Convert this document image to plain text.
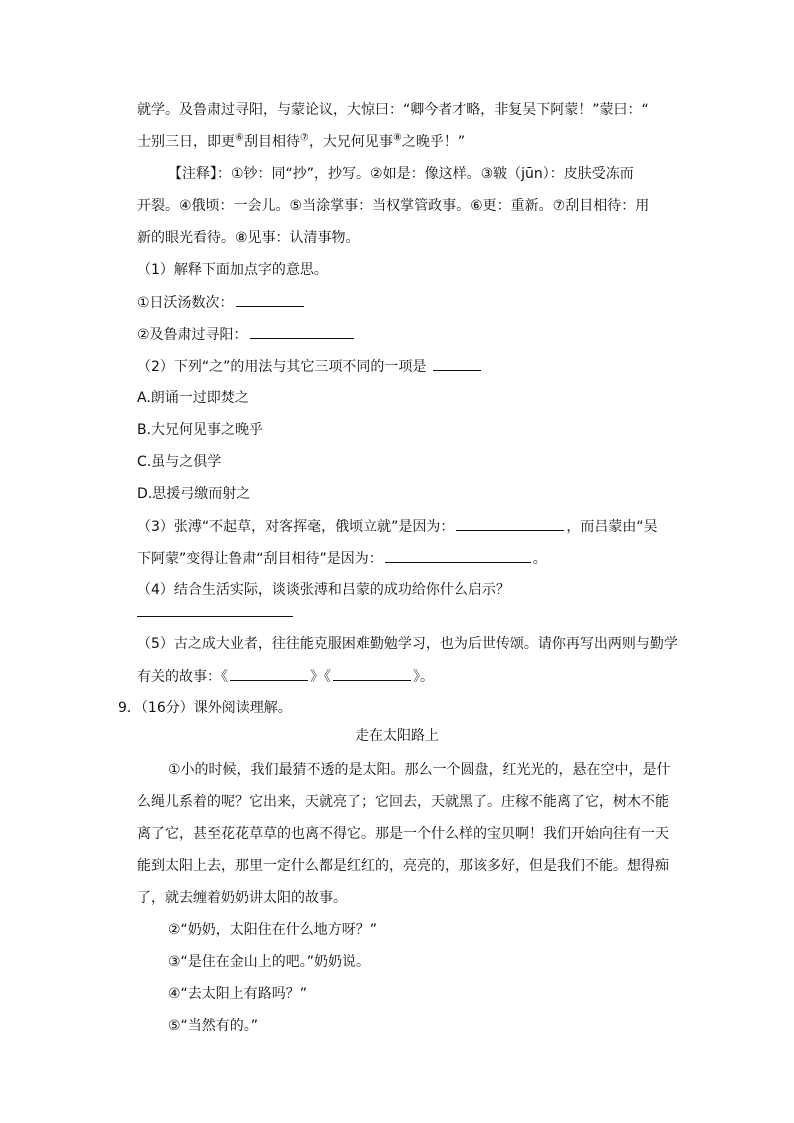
就学。及鲁肃过寻阳，与蒙论议，大惊曰：“卿今者才略，非复吴下阿蒙！”蒙曰：“
士别三日，即更⑥刮目相待⑦，大兄何见事⑧之晚乎！”
【注释】：①钞：同“抄”，抄写。②如是：像这样。③皲（jūn）：皮肤受冻而
开裂。④俄顷：一会儿。⑤当涂掌事：当权掌管政事。⑥更：重新。⑦刮目相待：用
新的眼光看待。⑧见事：认清事物。
（1）解释下面加点字的意思。
①日沃汤数次：
②及鲁肃过寻阳：
（2）下列“之”的用法与其它三项不同的一项是
A.朗诵一过即焚之
B.大兄何见事之晚乎
C.虽与之俱学
D.思援弓缴而射之
（3）张溥“不起草，对客挥毫，俄顷立就”是因为：	，而吕蒙由“吴
下阿蒙”变得让鲁肃“刮目相待”是因为：	。
（4）结合生活实际，谈谈张溥和吕蒙的成功给你什么启示？
（5）古之成大业者，往往能克服困难勤勉学习，也为后世传颂。请你再写出两则与勤学
有关的故事：《	》《	》。
9．（16分）课外阅读理解。
走在太阳路上
①小的时候，我们最猜不透的是太阳。那么一个圆盘，红光光的，悬在空中，是什
么绳儿系着的呢？它出来，天就亮了；它回去，天就黑了。庄稼不能离了它，树木不能
离了它，甚至花花草草的也离不得它。那是一个什么样的宝贝啊！我们开始向往有一天
能到太阳上去，那里一定什么都是红红的，亮亮的，那该多好，但是我们不能。想得痴
了，就去缠着奶奶讲太阳的故事。
②“奶奶，太阳住在什么地方呀？”
③“是住在金山上的吧。”奶奶说。
④“去太阳上有路吗？”
⑤“当然有的。”
